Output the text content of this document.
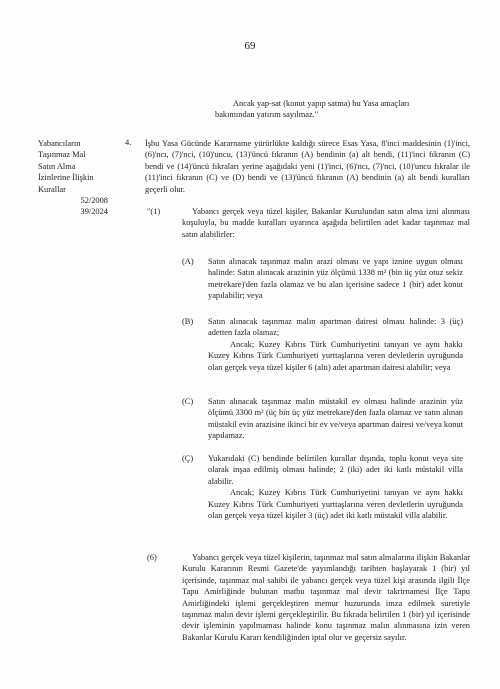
69
Ancak yap-sat (konut yapıp satma) bu Yasa amaçları
bakımından yatırım sayılmaz."
Yabancıların
Taşınmaz Mal
Satın Alma
İzinlerine İlişkin
Kurallar
52/2008
39/2024
4. İşbu Yasa Gücünde Kararname yürürlükte kaldığı sürece Esas Yasa, 8'inci maddesinin (1)'inci, (6)'ncı, (7)'nci, (10)'uncu, (13)'üncü fıkranın (A) bendinin (a) alt bendi, (11)'inci fıkranın (C) bendi ve (14)'üncü fıkraları yerine aşağıdaki yeni (1)'inci, (6)'ncı, (7)'nci, (10)'uncu fıkralar ile (11)'inci fıkranın (C) ve (D) bendi ve (13)'üncü fıkranın (A) bendinin (a) alt bendi kuralları geçerli olur.
"(1)	Yabancı gerçek veya tüzel kişiler, Bakanlar Kurulundan satın alma izni alınması koşuluyla, bu madde kuralları uyarınca aşağıda belirtilen adet kadar taşınmaz mal satın alabilirler:
(A) Satın alınacak taşınmaz malın arazi olması ve yapı iznine uygun olması halinde: Satın alınacak arazinin yüz ölçümü 1338 m² (bin üç yüz otuz sekiz metrekare)'den fazla olamaz ve bu alan içerisine sadece 1 (bir) adet konut yapılabilir; veya
(B) Satın alınacak taşınmaz malın apartman dairesi olması halinde: 3 (üç) adetten fazla olamaz;
Ancak; Kuzey Kıbrıs Türk Cumhuriyetini tanıyan ve aynı hakkı Kuzey Kıbrıs Türk Cumhuriyeti yurttaşlarına veren devletlerin uyruğunda olan gerçek veya tüzel kişiler 6 (altı) adet apartman dairesi alabilir; veya
(C) Satın alınacak taşınmaz malın müstakil ev olması halinde arazinin yüz ölçümü 3300 m² (üç bin üç yüz metrekare)'den fazla olamaz ve satın alınan müstakil evin arazisine ikinci bir ev ve/veya apartman dairesi ve/veya konut yapılamaz.
(Ç) Yukarıdaki (C) bendinde belirtilen kurallar dışında, toplu konut veya site olarak inşaa edilmiş olması halinde; 2 (iki) adet iki katlı müstakil villa alabilir.
Ancak; Kuzey Kıbrıs Türk Cumhuriyetini tanıyan ve aynı hakkı Kuzey Kıbrıs Türk Cumhuriyeti yurttaşlarına veren devletlerin uyruğunda olan gerçek veya tüzel kişiler 3 (üç) adet iki katlı müstakil villa alabilir.
(6)	Yabancı gerçek veya tüzel kişilerin, taşınmaz mal satın almalarına ilişkin Bakanlar Kurulu Kararının Resmi Gazete'de yayımlandığı tarihten başlayarak 1 (bir) yıl içerisinde, taşınmaz mal sahibi ile yabancı gerçek veya tüzel kişi arasında ilgili İlçe Tapu Amirliğinde bulunan matbu taşınmaz mal devir takrirnamesi İlçe Tapu Amirliğindeki işlemi gerçekleştiren memur huzurunda imza edilmek suretiyle taşınmaz malın devir işlemi gerçekleştirilir. Bu fıkrada belirtilen 1 (bir) yıl içerisinde devir işleminin yapılmaması halinde konu taşınmaz malın alınmasına izin veren Bakanlar Kurulu Kararı kendiliğinden iptal olur ve geçersiz sayılır.
